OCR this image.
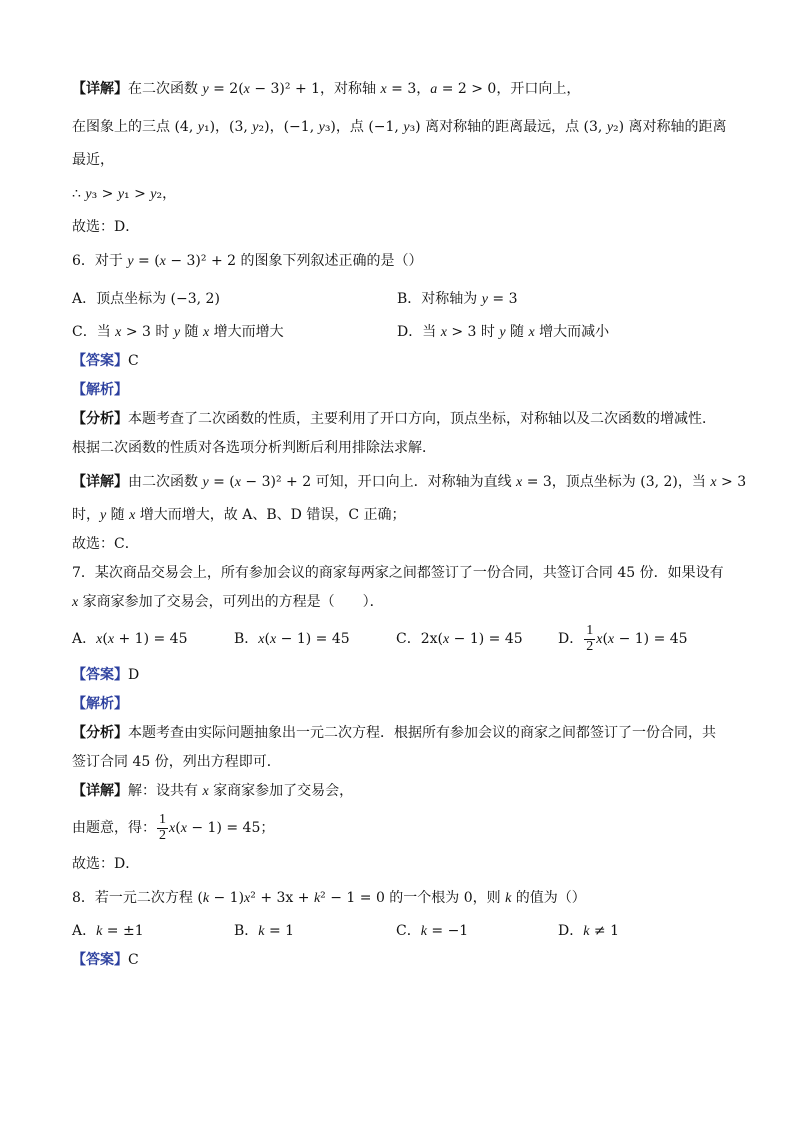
【详解】在二次函数 y = 2(x − 3)² + 1，对称轴 x = 3，a = 2 > 0，开口向上，
在图象上的三点 (4, y₁)，(3, y₂)，(−1, y₃)，点 (−1, y₃) 离对称轴的距离最远，点 (3, y₂) 离对称轴的距离
最近，
∴ y₃ > y₁ > y₂，
故选：D．
6．对于 y = (x − 3)² + 2 的图象下列叙述正确的是（）
A．顶点坐标为 (−3, 2)	B．对称轴为 y = 3
C．当 x > 3 时 y 随 x 增大而增大	D．当 x > 3 时 y 随 x 增大而减小
【答案】C
【解析】
【分析】本题考查了二次函数的性质，主要利用了开口方向，顶点坐标，对称轴以及二次函数的增减性．
根据二次函数的性质对各选项分析判断后利用排除法求解．
【详解】由二次函数 y = (x − 3)² + 2 可知，开口向上．对称轴为直线 x = 3，顶点坐标为 (3, 2)，当 x > 3
时，y 随 x 增大而增大，故 A、B、D 错误，C 正确；
故选：C．
7．某次商品交易会上，所有参加会议的商家每两家之间都签订了一份合同，共签订合同 45 份．如果设有
x 家商家参加了交易会，可列出的方程是（　　）．
A．x(x + 1) = 45	B．x(x − 1) = 45	C．2x(x − 1) = 45	D． $\frac{1}{2} x(x - 1) = 45$
【答案】D
【解析】
【分析】本题考查由实际问题抽象出一元二次方程．根据所有参加会议的商家之间都签订了一份合同，共
签订合同 45 份，列出方程即可．
【详解】解：设共有 x 家商家参加了交易会，
由题意，得： $\frac{1}{2} x(x - 1) = 45$；
故选：D．
8．若一元二次方程 (k − 1)x² + 3x + k² − 1 = 0 的一个根为 0，则 k 的值为（）
A．k = ±1	B．k = 1	C．k = −1	D．k ≠ 1
【答案】C
